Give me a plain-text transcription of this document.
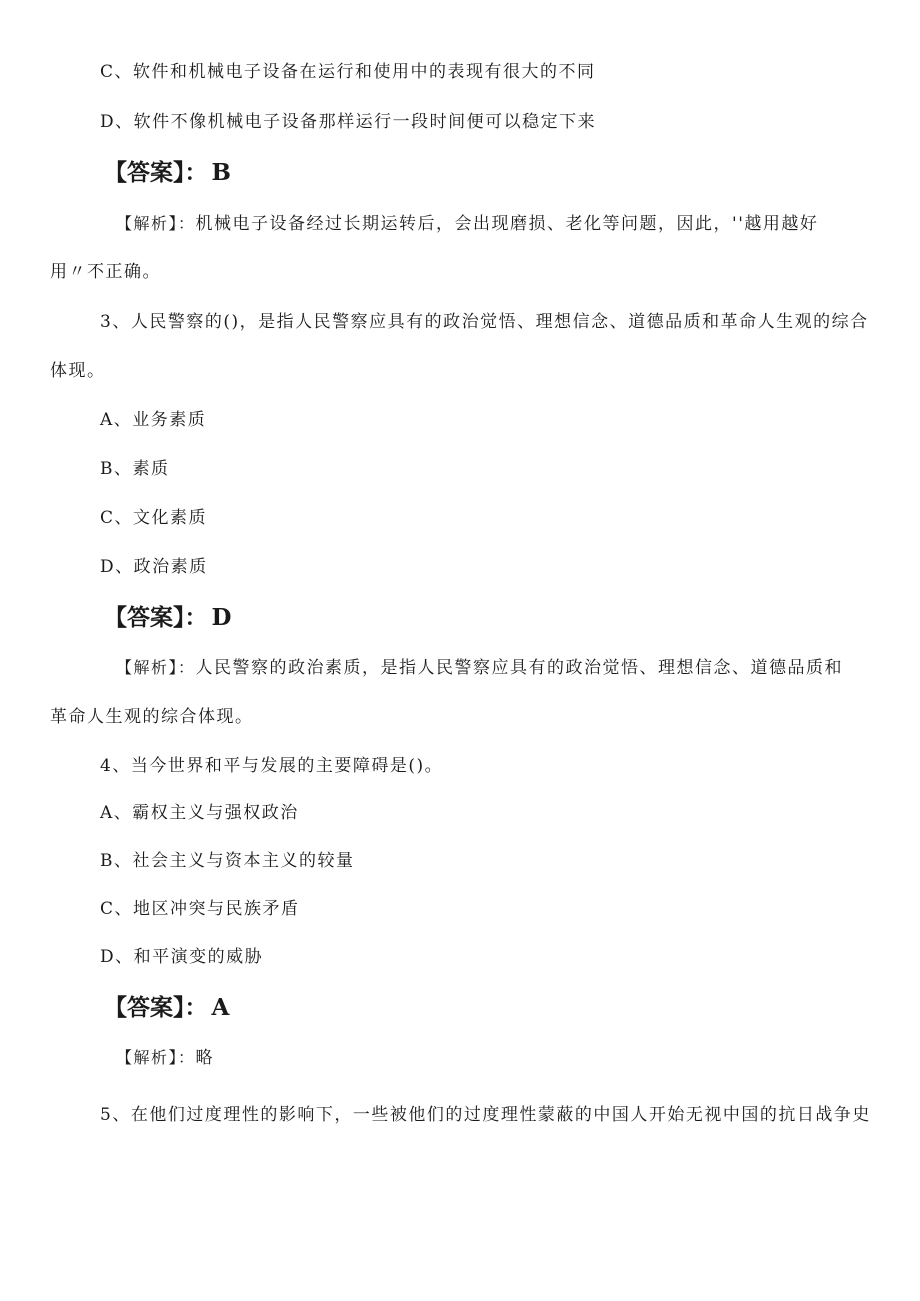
C、软件和机械电子设备在运行和使用中的表现有很大的不同
D、软件不像机械电子设备那样运行一段时间便可以稳定下来
【答案】： B
【解析】：机械电子设备经过长期运转后，会出现磨损、老化等问题，因此，''越用越好
用〃不正确。
3、人民警察的()，是指人民警察应具有的政治觉悟、理想信念、道德品质和革命人生观的综合
体现。
A、业务素质
B、素质
C、文化素质
D、政治素质
【答案】： D
【解析】：人民警察的政治素质，是指人民警察应具有的政治觉悟、理想信念、道德品质和
革命人生观的综合体现。
4、当今世界和平与发展的主要障碍是()。
A、霸权主义与强权政治
B、社会主义与资本主义的较量
C、地区冲突与民族矛盾
D、和平演变的威胁
【答案】： A
【解析】：略
5、在他们过度理性的影响下，一些被他们的过度理性蒙蔽的中国人开始无视中国的抗日战争史
